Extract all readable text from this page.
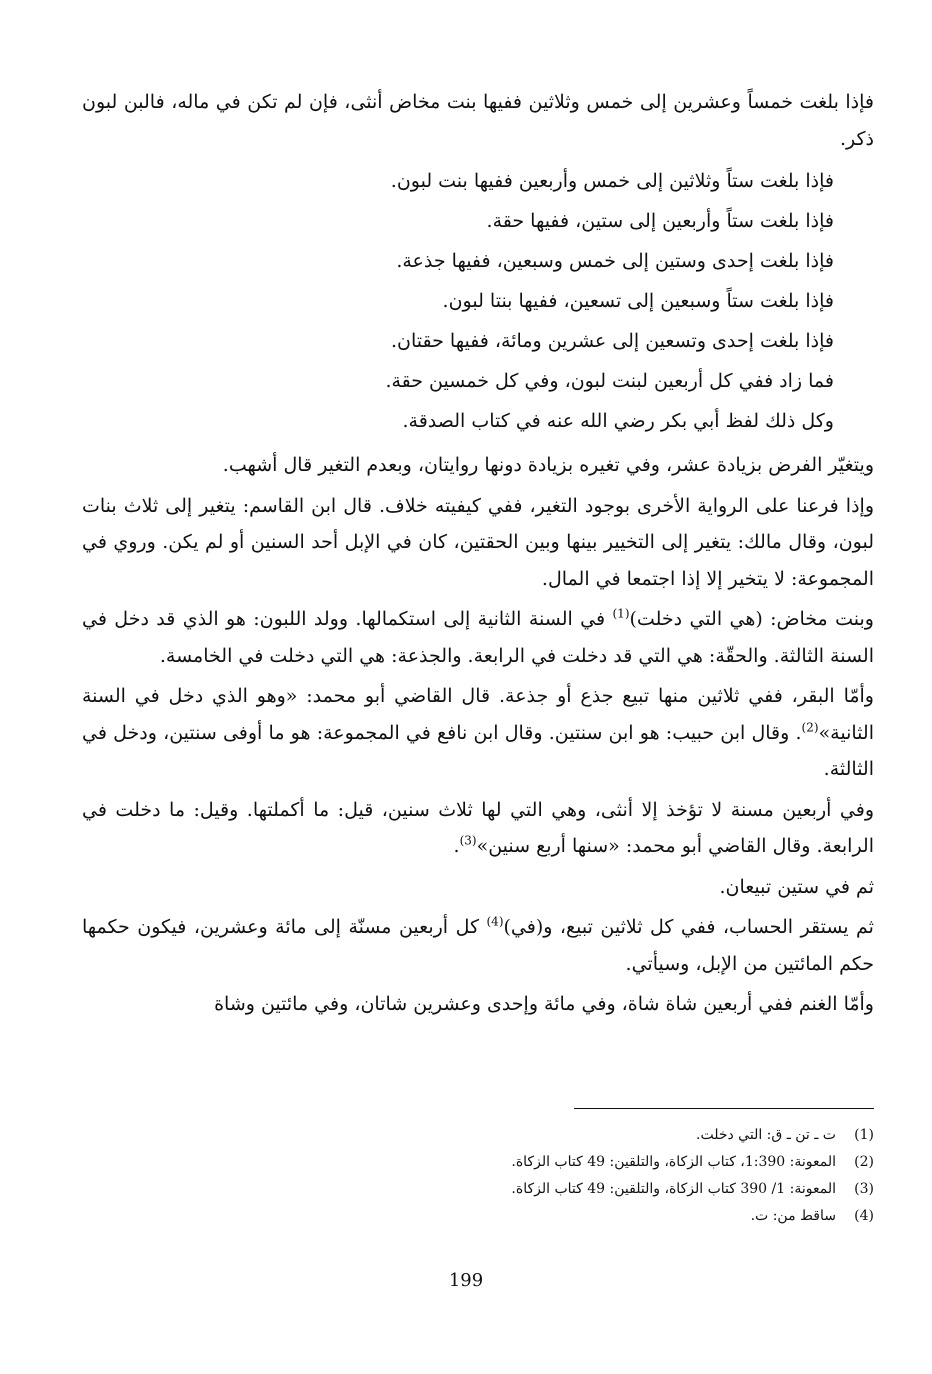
فإذا بلغت خمساً وعشرين إلى خمس وثلاثين ففيها بنت مخاض أنثى، فإن لم تكن في ماله، فالبن لبون ذكر.

فإذا بلغت ستاً وثلاثين إلى خمس وأربعين ففيها بنت لبون.

فإذا بلغت ستاً وأربعين إلى ستين، ففيها حقة.

فإذا بلغت إحدى وستين إلى خمس وسبعين، ففيها جذعة.

فإذا بلغت ستاً وسبعين إلى تسعين، ففيها بنتا لبون.

فإذا بلغت إحدى وتسعين إلى عشرين ومائة، ففيها حقتان.

فما زاد ففي كل أربعين لبنت لبون، وفي كل خمسين حقة.

وكل ذلك لفظ أبي بكر رضي الله عنه في كتاب الصدقة.

ويتغيّر الفرض بزيادة عشر، وفي تغيره بزيادة دونها روايتان، وبعدم التغير قال أشهب.

وإذا فرعنا على الرواية الأخرى بوجود التغير، ففي كيفيته خلاف. قال ابن القاسم: يتغير إلى ثلاث بنات لبون، وقال مالك: يتغير إلى التخيير بينها وبين الحقتين، كان في الإبل أحد السنين أو لم يكن. وروي في المجموعة: لا يتخير إلا إذا اجتمعا في المال.

وبنت مخاض: (هي التي دخلت)$^{(1)}$ في السنة الثانية إلى استكمالها. وولد اللبون: هو الذي قد دخل في السنة الثالثة. والحقّة: هي التي قد دخلت في الرابعة. والجذعة: هي التي دخلت في الخامسة.

وأمّا البقر، ففي ثلاثين منها تبيع جذع أو جذعة. قال القاضي أبو محمد: «وهو الذي دخل في السنة الثانية»$^{(2)}$. وقال ابن حبيب: هو ابن سنتين. وقال ابن نافع في المجموعة: هو ما أوفى سنتين، ودخل في الثالثة.

وفي أربعين مسنة لا تؤخذ إلا أنثى، وهي التي لها ثلاث سنين، قيل: ما أكملتها. وقيل: ما دخلت في الرابعة. وقال القاضي أبو محمد: «سنها أربع سنين»$^{(3)}$.

ثم في ستين تبيعان.

ثم يستقر الحساب، ففي كل ثلاثين تبيع، و(في)$^{(4)}$ كل أربعين مسنّة إلى مائة وعشرين، فيكون حكمها حكم المائتين من الإبل، وسيأتي.

وأمّا الغنم ففي أربعين شاة شاة، وفي مائة وإحدى وعشرين شاتان، وفي مائتين وشاة

(1)
ت ـ تن ـ ق: التي دخلت.
(2)
المعونة: 1:390، كتاب الزكاة، والتلقين: 49 كتاب الزكاة.
(3)
المعونة: 1/ 390 كتاب الزكاة، والتلقين: 49 كتاب الزكاة.
(4)
ساقط من: ت.
199
